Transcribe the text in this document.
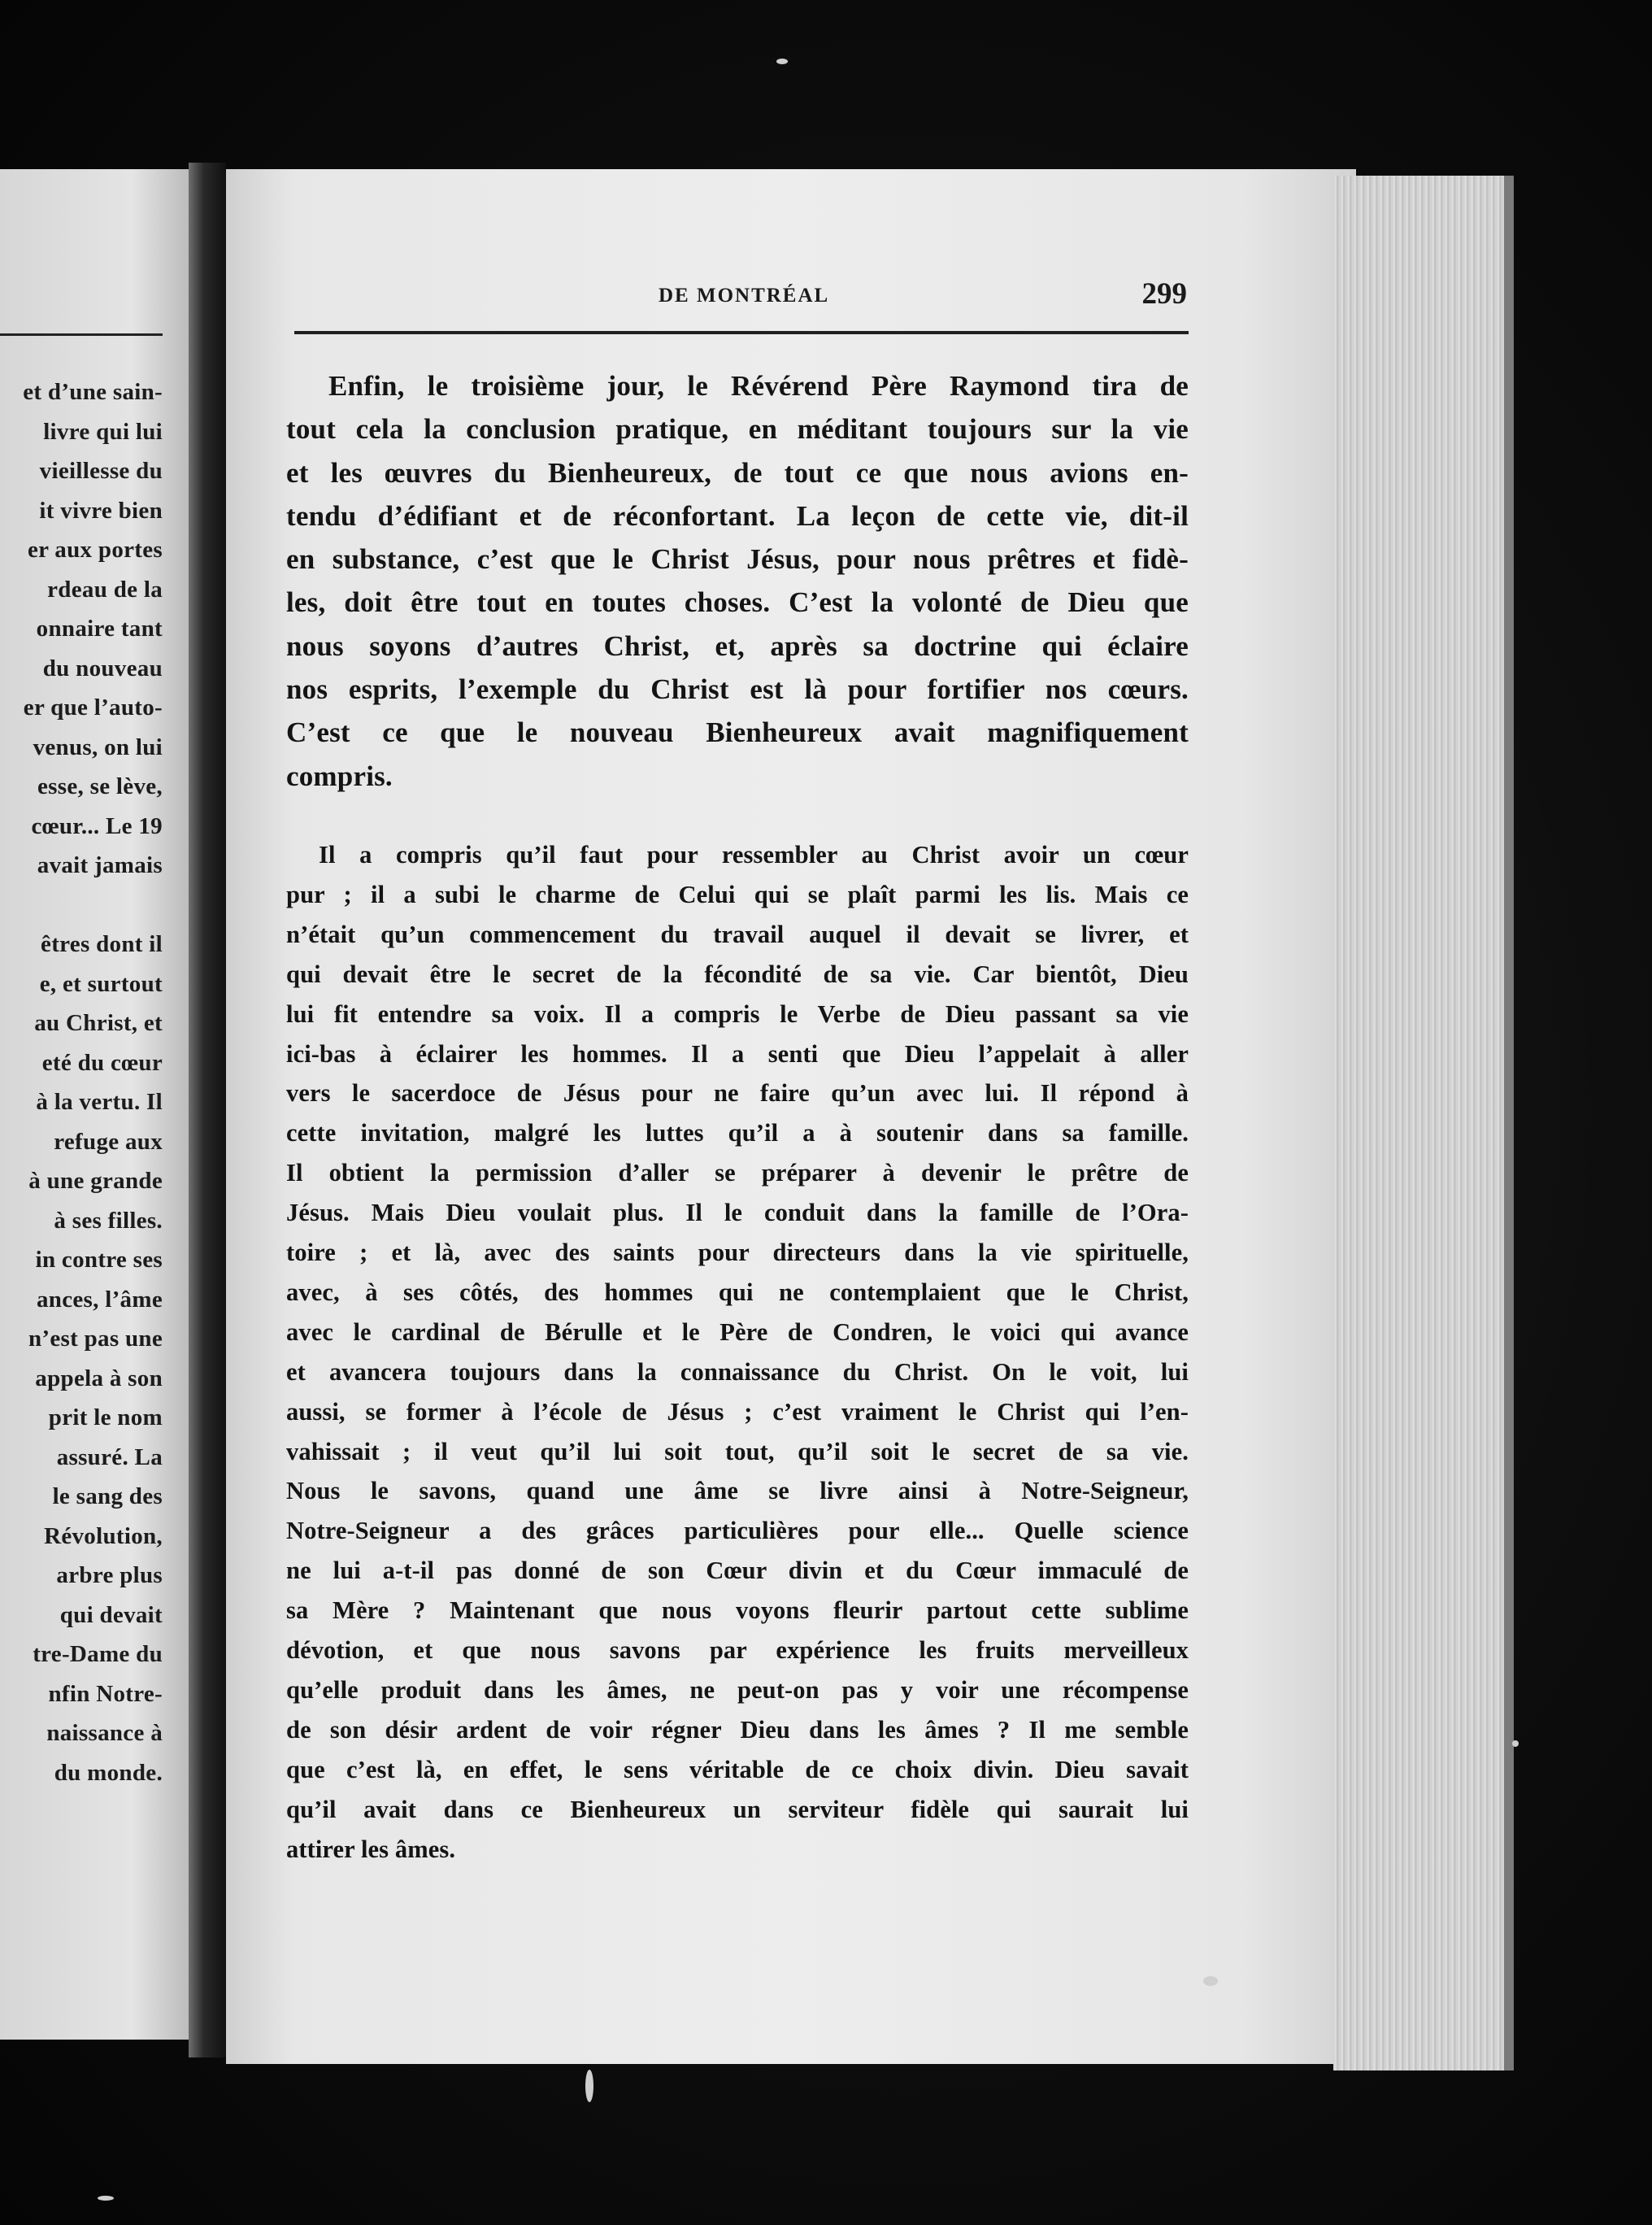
et d’une sain-
livre qui lui
vieillesse du
it vivre bien
er aux portes
rdeau de la
onnaire tant
du nouveau
er que l’auto-
venus, on lui
esse, se lève,
cœur... Le 19
avait jamais

êtres dont il
e, et surtout
au Christ, et
eté du cœur
à la vertu. Il
refuge aux
à une grande
à ses filles.
in contre ses
ances, l’âme
n’est pas une
appela à son
prit le nom
assuré. La
le sang des
Révolution,
arbre plus
qui devait
tre-Dame du
nfin Notre-
naissance à
du monde.
DE MONTRÉAL	299
Enfin, le troisième jour, le Révérend Père Raymond tira de
tout cela la conclusion pratique, en méditant toujours sur la vie
et les œuvres du Bienheureux, de tout ce que nous avions en-
tendu d’édifiant et de réconfortant. La leçon de cette vie, dit-il
en substance, c’est que le Christ Jésus, pour nous prêtres et fidè-
les, doit être tout en toutes choses. C’est la volonté de Dieu que
nous soyons d’autres Christ, et, après sa doctrine qui éclaire
nos esprits, l’exemple du Christ est là pour fortifier nos cœurs.
C’est ce que le nouveau Bienheureux avait magnifiquement
compris.
Il a compris qu’il faut pour ressembler au Christ avoir un cœur
pur ; il a subi le charme de Celui qui se plaît parmi les lis. Mais ce
n’était qu’un commencement du travail auquel il devait se livrer, et
qui devait être le secret de la fécondité de sa vie. Car bientôt, Dieu
lui fit entendre sa voix. Il a compris le Verbe de Dieu passant sa vie
ici-bas à éclairer les hommes. Il a senti que Dieu l’appelait à aller
vers le sacerdoce de Jésus pour ne faire qu’un avec lui. Il répond à
cette invitation, malgré les luttes qu’il a à soutenir dans sa famille.
Il obtient la permission d’aller se préparer à devenir le prêtre de
Jésus. Mais Dieu voulait plus. Il le conduit dans la famille de l’Ora-
toire ; et là, avec des saints pour directeurs dans la vie spirituelle,
avec, à ses côtés, des hommes qui ne contemplaient que le Christ,
avec le cardinal de Bérulle et le Père de Condren, le voici qui avance
et avancera toujours dans la connaissance du Christ. On le voit, lui
aussi, se former à l’école de Jésus ; c’est vraiment le Christ qui l’en-
vahissait ; il veut qu’il lui soit tout, qu’il soit le secret de sa vie.
Nous le savons, quand une âme se livre ainsi à Notre-Seigneur,
Notre-Seigneur a des grâces particulières pour elle... Quelle science
ne lui a-t-il pas donné de son Cœur divin et du Cœur immaculé de
sa Mère ? Maintenant que nous voyons fleurir partout cette sublime
dévotion, et que nous savons par expérience les fruits merveilleux
qu’elle produit dans les âmes, ne peut-on pas y voir une récompense
de son désir ardent de voir régner Dieu dans les âmes ? Il me semble
que c’est là, en effet, le sens véritable de ce choix divin. Dieu savait
qu’il avait dans ce Bienheureux un serviteur fidèle qui saurait lui
attirer les âmes.
